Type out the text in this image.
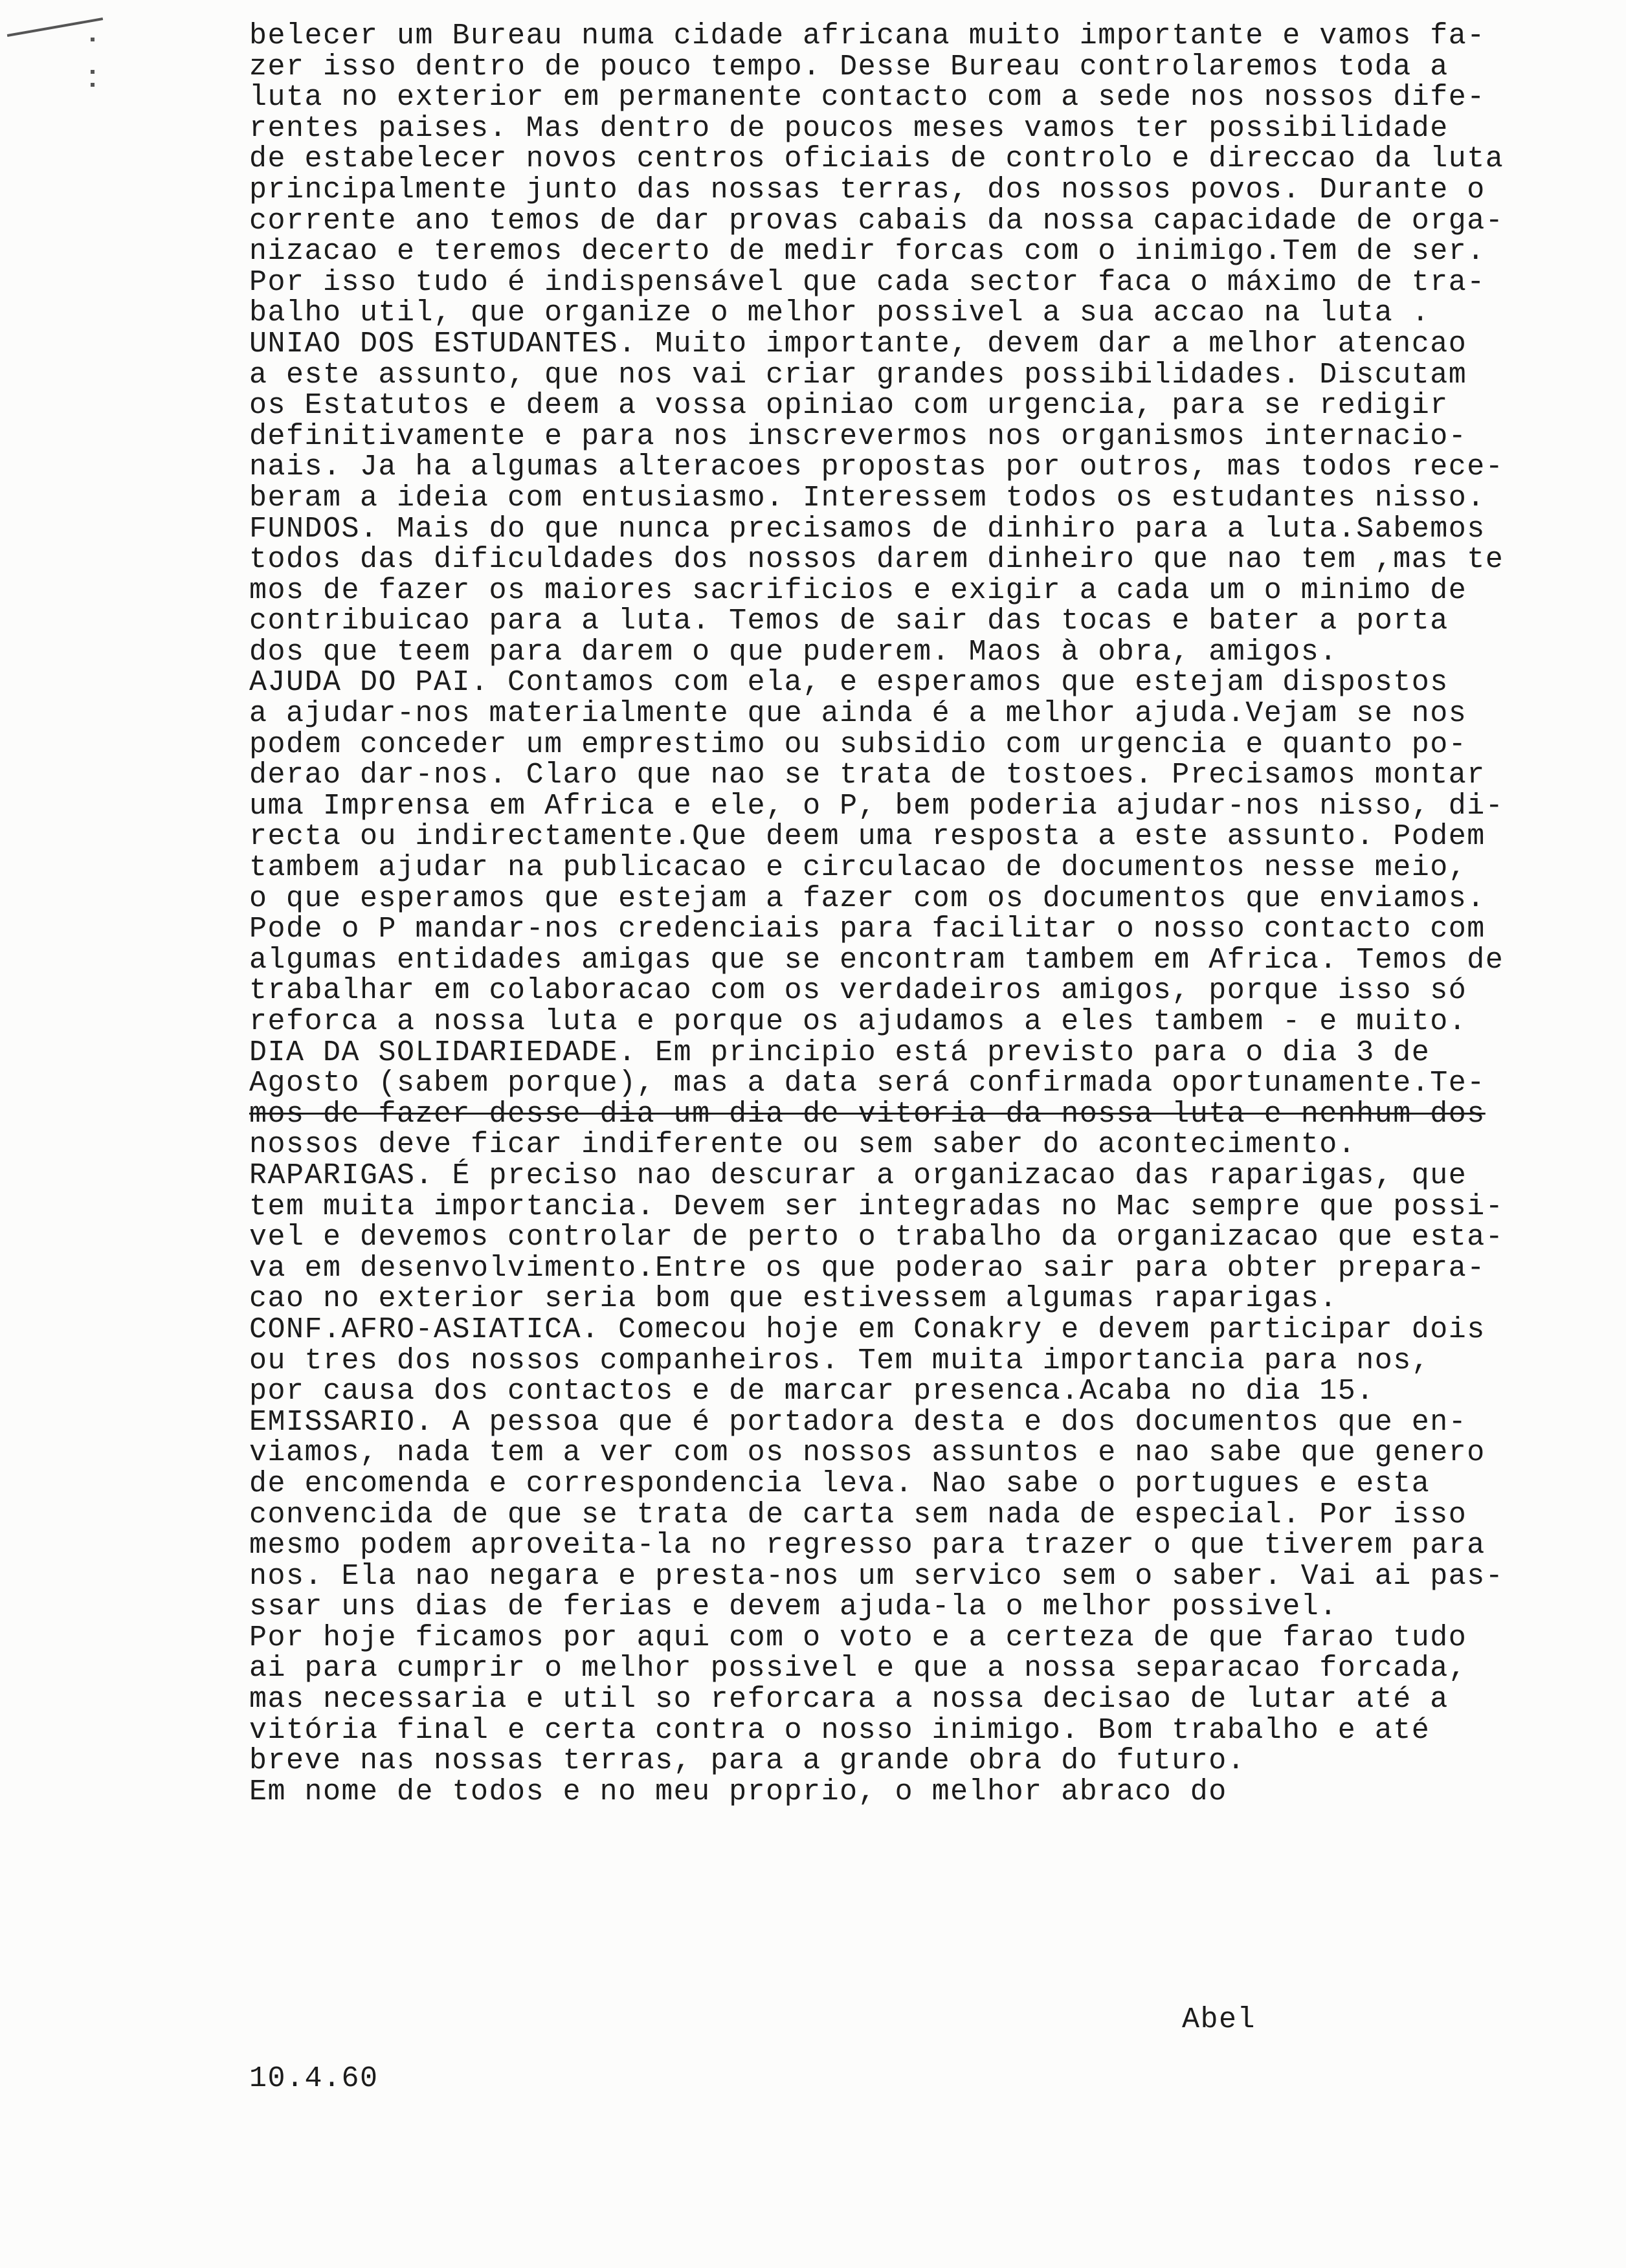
belecer um Bureau numa cidade africana muito importante e vamos fa-
zer isso dentro de pouco tempo. Desse Bureau controlaremos toda a
luta no exterior em permanente contacto com a sede nos nossos dife-
rentes paises. Mas dentro de poucos meses vamos ter possibilidade
de estabelecer novos centros oficiais de controlo e direccao da luta
principalmente junto das nossas terras, dos nossos povos. Durante o
corrente ano temos de dar provas cabais da nossa capacidade de orga-
nizacao e teremos decerto de medir forcas com o inimigo.Tem de ser.
Por isso tudo é indispensável que cada sector faca o máximo de tra-
balho util, que organize o melhor possivel a sua accao na luta .
UNIAO DOS ESTUDANTES. Muito importante, devem dar a melhor atencao
a este assunto, que nos vai criar grandes possibilidades. Discutam
os Estatutos e deem a vossa opiniao com urgencia, para se redigir
definitivamente e para nos inscrevermos nos organismos internacio-
nais. Ja ha algumas alteracoes propostas por outros, mas todos rece-
beram a ideia com entusiasmo. Interessem todos os estudantes nisso.
FUNDOS. Mais do que nunca precisamos de dinhiro para a luta.Sabemos
todos das dificuldades dos nossos darem dinheiro que nao tem ,mas te
mos de fazer os maiores sacrificios e exigir a cada um o minimo de
contribuicao para a luta. Temos de sair das tocas e bater a porta
dos que teem para darem o que puderem. Maos à obra, amigos.
AJUDA DO PAI. Contamos com ela, e esperamos que estejam dispostos
a ajudar-nos materialmente que ainda é a melhor ajuda.Vejam se nos
podem conceder um emprestimo ou subsidio com urgencia e quanto po-
derao dar-nos. Claro que nao se trata de tostoes. Precisamos montar
uma Imprensa em Africa e ele, o P, bem poderia ajudar-nos nisso, di-
recta ou indirectamente.Que deem uma resposta a este assunto. Podem
tambem ajudar na publicacao e circulacao de documentos nesse meio,
o que esperamos que estejam a fazer com os documentos que enviamos.
Pode o P mandar-nos credenciais para facilitar o nosso contacto com
algumas entidades amigas que se encontram tambem em Africa. Temos de
trabalhar em colaboracao com os verdadeiros amigos, porque isso só
reforca a nossa luta e porque os ajudamos a eles tambem - e muito.
DIA DA SOLIDARIEDADE. Em principio está previsto para o dia 3 de
Agosto (sabem porque), mas a data será confirmada oportunamente.Te-
mos de fazer desse dia um dia de vitoria da nossa luta e nenhum dos
nossos deve ficar indiferente ou sem saber do acontecimento.
RAPARIGAS. É preciso nao descurar a organizacao das raparigas, que
tem muita importancia. Devem ser integradas no Mac sempre que possi-
vel e devemos controlar de perto o trabalho da organizacao que esta-
va em desenvolvimento.Entre os que poderao sair para obter prepara-
cao no exterior seria bom que estivessem algumas raparigas.
CONF.AFRO-ASIATICA. Comecou hoje em Conakry e devem participar dois
ou tres dos nossos companheiros. Tem muita importancia para nos,
por causa dos contactos e de marcar presenca.Acaba no dia 15.
EMISSARIO. A pessoa que é portadora desta e dos documentos que en-
viamos, nada tem a ver com os nossos assuntos e nao sabe que genero
de encomenda e correspondencia leva. Nao sabe o portugues e esta
convencida de que se trata de carta sem nada de especial. Por isso
mesmo podem aproveita-la no regresso para trazer o que tiverem para
nos. Ela nao negara e presta-nos um servico sem o saber. Vai ai pas-
ssar uns dias de ferias e devem ajuda-la o melhor possivel.
Por hoje ficamos por aqui com o voto e a certeza de que farao tudo
ai para cumprir o melhor possivel e que a nossa separacao forcada,
mas necessaria e util so reforcara a nossa decisao de lutar até a
vitória final e certa contra o nosso inimigo. Bom trabalho e até
breve nas nossas terras, para a grande obra do futuro.
Em nome de todos e no meu proprio, o melhor abraco do
Abel
10.4.60
